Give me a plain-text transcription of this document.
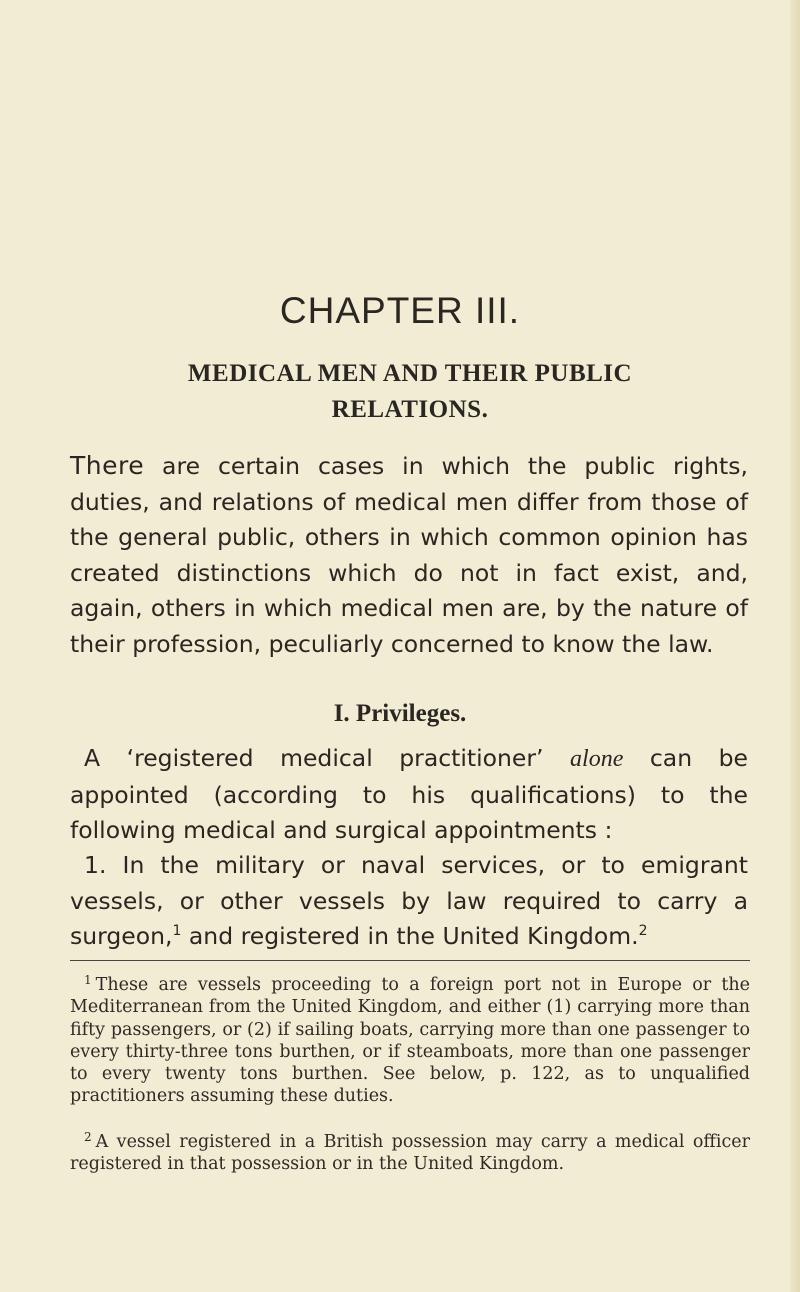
CHAPTER III.
MEDICAL MEN AND THEIR PUBLIC
RELATIONS.
There are certain cases in which the public rights, duties, and relations of medical men differ from those of the general public, others in which common opinion has created distinctions which do not in fact exist, and, again, others in which medical men are, by the nature of their profession, peculiarly concerned to know the law.
I. Privileges.
A ‘registered medical practitioner’ alone can be appointed (according to his qualifications) to the following medical and surgical appointments :
1. In the military or naval services, or to emigrant vessels, or other vessels by law required to carry a surgeon,$^1$ and registered in the United Kingdom.$^2$
$^1$ These are vessels proceeding to a foreign port not in Europe or the Mediterranean from the United Kingdom, and either (1) carrying more than fifty passengers, or (2) if sailing boats, carrying more than one passenger to every thirty-three tons burthen, or if steamboats, more than one passenger to every twenty tons burthen. See below, p. 122, as to unqualified practitioners assuming these duties.
$^2$ A vessel registered in a British possession may carry a medical officer registered in that possession or in the United Kingdom.
